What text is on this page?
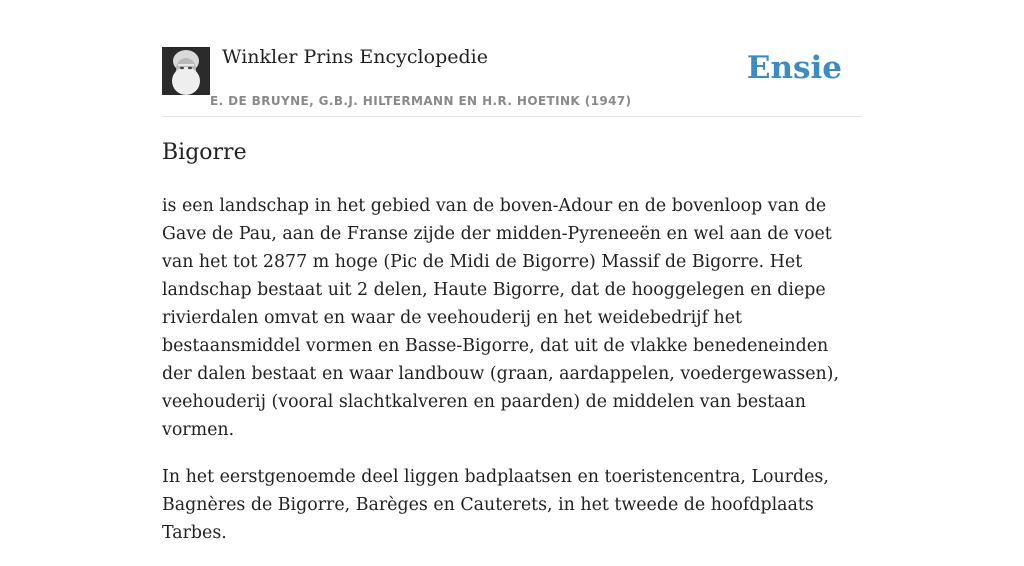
Winkler Prins Encyclopedie
E. DE BRUYNE, G.B.J. HILTERMANN EN H.R. HOETINK (1947)
Ensie
Bigorre

is een landschap in het gebied van de boven-Adour en de bovenloop van de Gave de Pau, aan de Franse zijde der midden-Pyreneeën en wel aan de voet van het tot 2877 m hoge (Pic de Midi de Bigorre) Massif de Bigorre. Het landschap bestaat uit 2 delen, Haute Bigorre, dat de hooggelegen en diepe rivierdalen omvat en waar de veehouderij en het weidebedrijf het bestaansmiddel vormen en Basse-Bigorre, dat uit de vlakke benedeneinden der dalen bestaat en waar landbouw (graan, aardappelen, voedergewassen), veehouderij (vooral slachtkalveren en paarden) de middelen van bestaan vormen.

In het eerstgenoemde deel liggen badplaatsen en toeristencentra, Lourdes, Bagnères de Bigorre, Barèges en Cauterets, in het tweede de hoofdplaats Tarbes.
